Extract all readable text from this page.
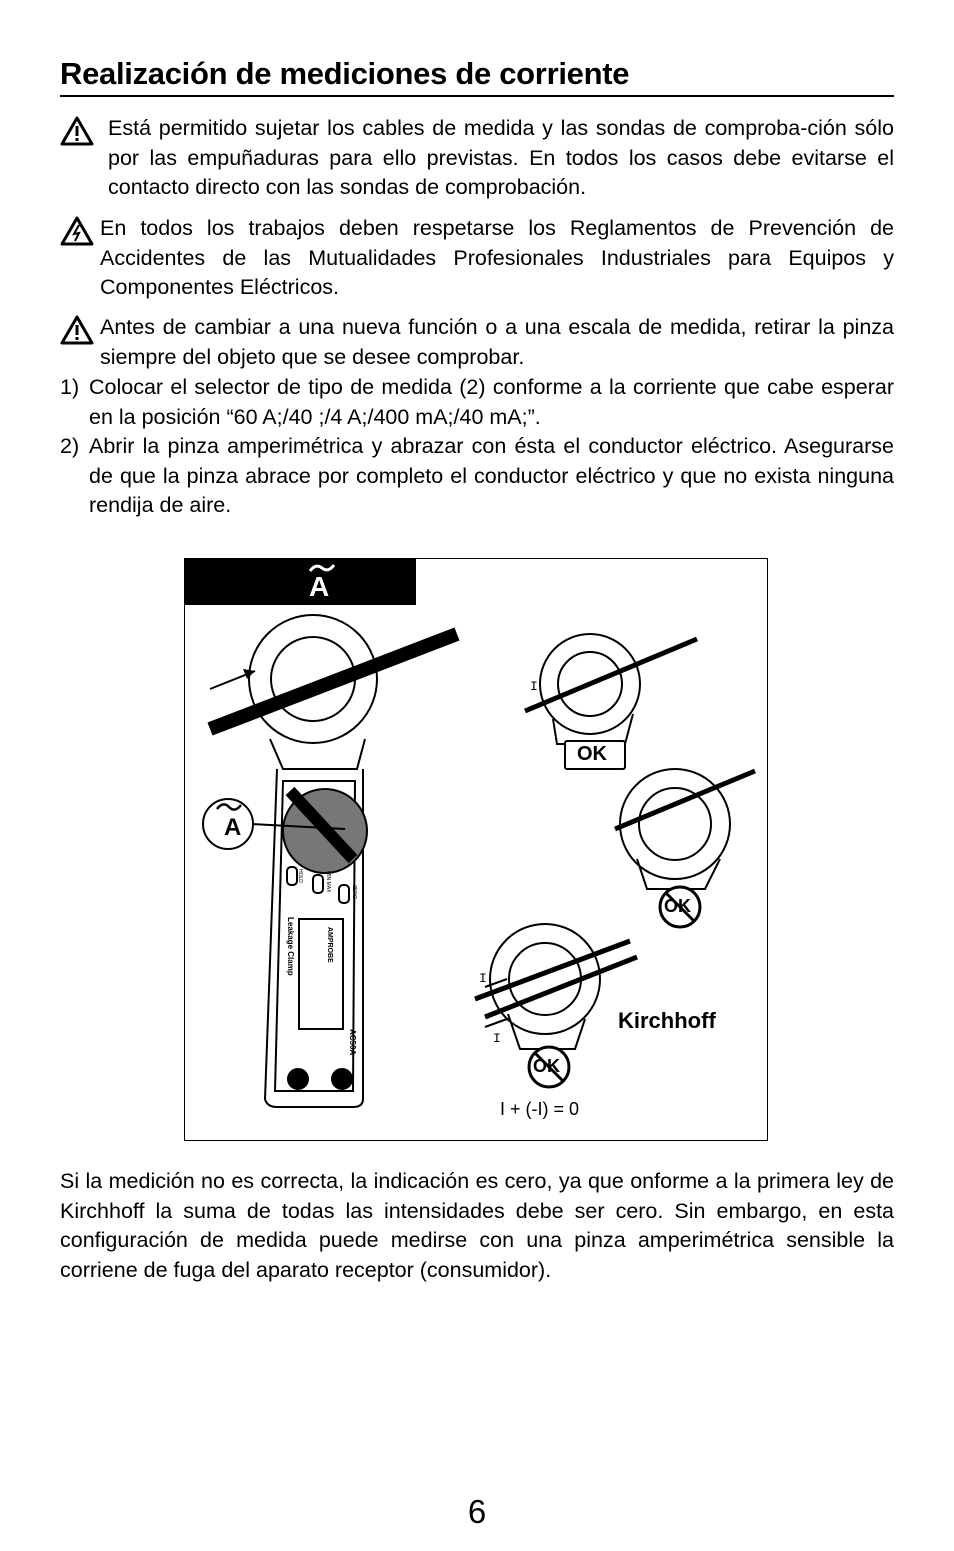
Realización de mediciones de corriente

Está permitido sujetar los cables de medida y las sondas de comproba-ción sólo por las empuñaduras para ello previstas. En todos los casos debe evitarse el contacto directo con las sondas de comprobación.

En todos los trabajos deben respetarse los Reglamentos de Prevención de Accidentes de las Mutualidades Profesionales Industriales para Equipos y Componentes Eléctricos.

Antes de cambiar a una nueva función o a una escala de medida, retirar la pinza siempre del objeto que se desee comprobar.

1) Colocar el selector de tipo de medida (2) conforme a la corriente que cabe esperar en la posición “60 A;/40 ;/4 A;/400 mA;/40 mA;”.

2) Abrir la pinza amperimétrica y abrazar con ésta el conductor eléctrico. Asegurarse de que la pinza abrace por completo el conductor eléctrico y que no exista ninguna rendija de aire.

A
A
OK
OK
OK
Kirchhoff
I
I
I
I + (-I) = 0
AMPROBE
AC50A
Leakage Clamp
HOLD	MIN MAX	ZERO

Si la medición no es correcta, la indicación es cero, ya que onforme a la primera ley de Kirchhoff la suma de todas las intensidades debe ser cero. Sin embargo, en esta configuración de medida puede medirse con una pinza amperimétrica sensible la corriene de fuga del aparato receptor (consumidor).

6
